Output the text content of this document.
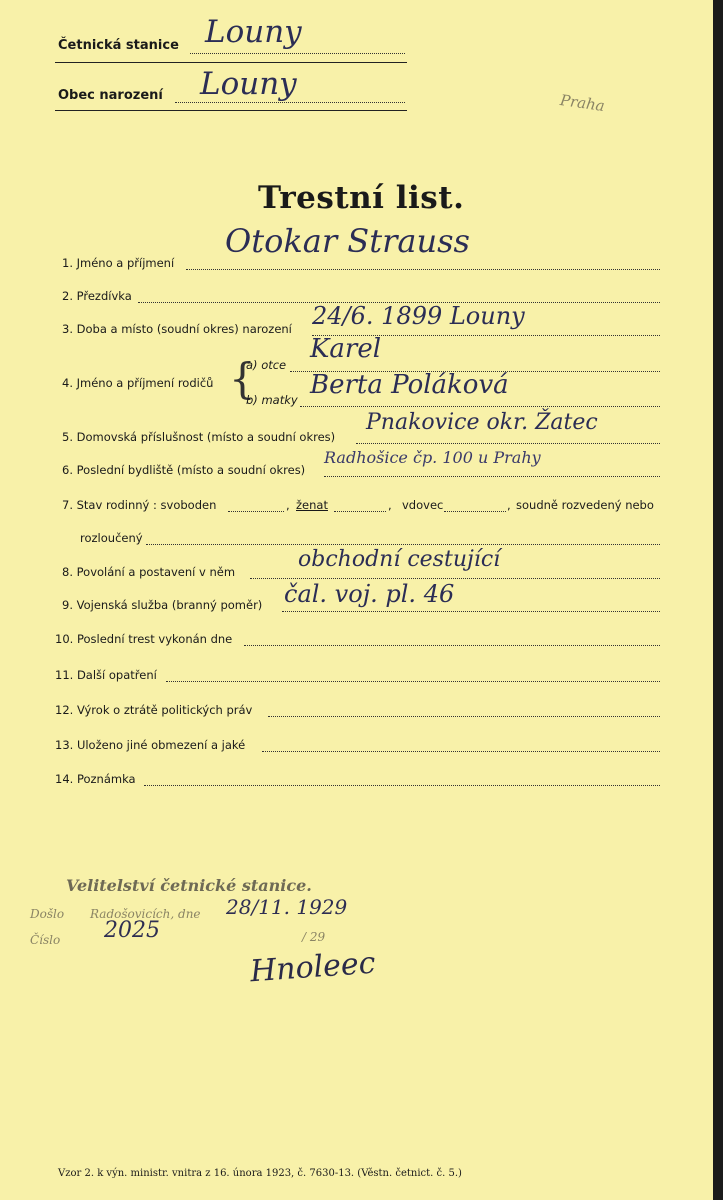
Četnická stanice Louny
Obec narození Louny
Praha
Trestní list.
1. Jméno a příjmení
Otokar Strauss
2. Přezdívka
3. Doba a místo (soudní okres) narození 24/6. 1899 Louny
4. Jméno a příjmení rodičů {
a) otce
Karel
b) matky Berta Poláková
5. Domovská příslušnost (místo a soudní okres)
Pnakovice okr. Žatec
6. Poslední bydliště (místo a soudní okres)
Radhošice čp. 100 u Prahy
7. Stav rodinný : svoboden	, ženat	, vdovec	, soudně rozvedený nebo
rozloučený
8. Povolání a postavení v něm	obchodní cestující
9. Vojenská služba (branný poměr) čal. voj. pl. 46
10. Poslední trest vykonán dne
11. Další opatření
12. Výrok o ztrátě politických práv
13. Uloženo jiné obmezení a jaké
14. Poznámka
Velitelství četnické stanice.
Došlo Radošovicích, dne 28/11. 1929
Číslo 2025	/ 29
Hnoleec
Vzor 2. k výn. ministr. vnitra z 16. února 1923, č. 7630-13. (Věstn. četnict. č. 5.)
